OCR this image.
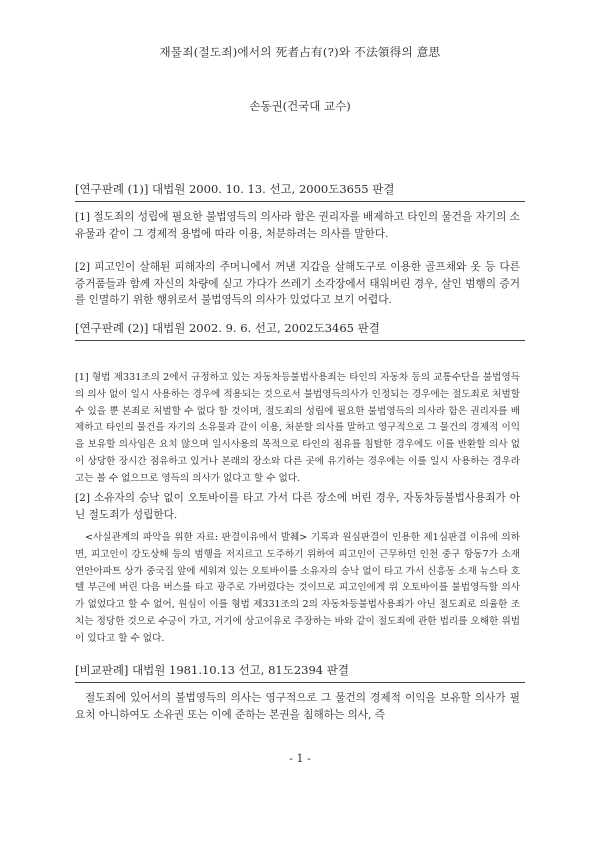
재물죄(절도죄)에서의 死者占有(?)와 不法領得의 意思
손동권(건국대 교수)
[연구판례 (1)] 대법원 2000. 10. 13. 선고, 2000도3655 판결

[1] 절도죄의 성립에 필요한 불법영득의 의사라 함은 권리자를 배제하고 타인의 물건을 자기의 소유물과 같이 그 경제적 용법에 따라 이용, 처분하려는 의사를 말한다.

[2] 피고인이 살해된 피해자의 주머니에서 꺼낸 지갑을 살해도구로 이용한 골프채와 옷 등 다른 증거품들과 함께 자신의 차량에 싣고 가다가 쓰레기 소각장에서 태워버린 경우, 살인 범행의 증거를 인멸하기 위한 행위로서 불법영득의 의사가 있었다고 보기 어렵다.

[연구판례 (2)] 대법원 2002. 9. 6. 선고, 2002도3465 판결

[1] 형법 제331조의 2에서 규정하고 있는 자동차등불법사용죄는 타인의 자동차 등의 교통수단을 불법영득의 의사 없이 일시 사용하는 경우에 적용되는 것으로서 불법영득의사가 인정되는 경우에는 절도죄로 처벌할 수 있을 뿐 본죄로 처벌할 수 없다 할 것이며, 절도죄의 성립에 필요한 불법영득의 의사라 함은 권리자를 배제하고 타인의 물건을 자기의 소유물과 같이 이용, 처분할 의사를 말하고 영구적으로 그 물건의 경제적 이익을 보유할 의사임은 요치 않으며 일시사용의 목적으로 타인의 점유를 침탈한 경우에도 이를 반환할 의사 없이 상당한 장시간 점유하고 있거나 본래의 장소와 다른 곳에 유기하는 경우에는 이를 일시 사용하는 경우라고는 볼 수 없으므로 영득의 의사가 없다고 할 수 없다.

[2] 소유자의 승낙 없이 오토바이를 타고 가서 다른 장소에 버린 경우, 자동차등불법사용죄가 아닌 절도죄가 성립한다.

<사실관계의 파악을 위한 자료: 판결이유에서 발췌> 기록과 원심판결이 인용한 제1심판결 이유에 의하면, 피고인이 강도상해 등의 범행을 저지르고 도주하기 위하여 피고인이 근무하던 인천 중구 항동7가 소재 연안아파트 상가 중국집 앞에 세워져 있는 오토바이를 소유자의 승낙 없이 타고 가서 신흥동 소재 뉴스타 호텔 부근에 버린 다음 버스를 타고 광주로 가버렸다는 것이므로 피고인에게 위 오토바이를 불법영득할 의사가 없었다고 할 수 없어, 원심이 이를 형법 제331조의 2의 자동차등불법사용죄가 아닌 절도죄로 의율한 조치는 정당한 것으로 수긍이 가고, 거기에 상고이유로 주장하는 바와 같이 절도죄에 관한 법리를 오해한 위법이 있다고 할 수 없다.

[비교판례] 대법원 1981.10.13 선고, 81도2394 판결

절도죄에 있어서의 불법영득의 의사는 영구적으로 그 물건의 경제적 이익을 보유할 의사가 필요치 아니하여도 소유권 또는 이에 준하는 본권을 침해하는 의사, 즉

- 1 -
